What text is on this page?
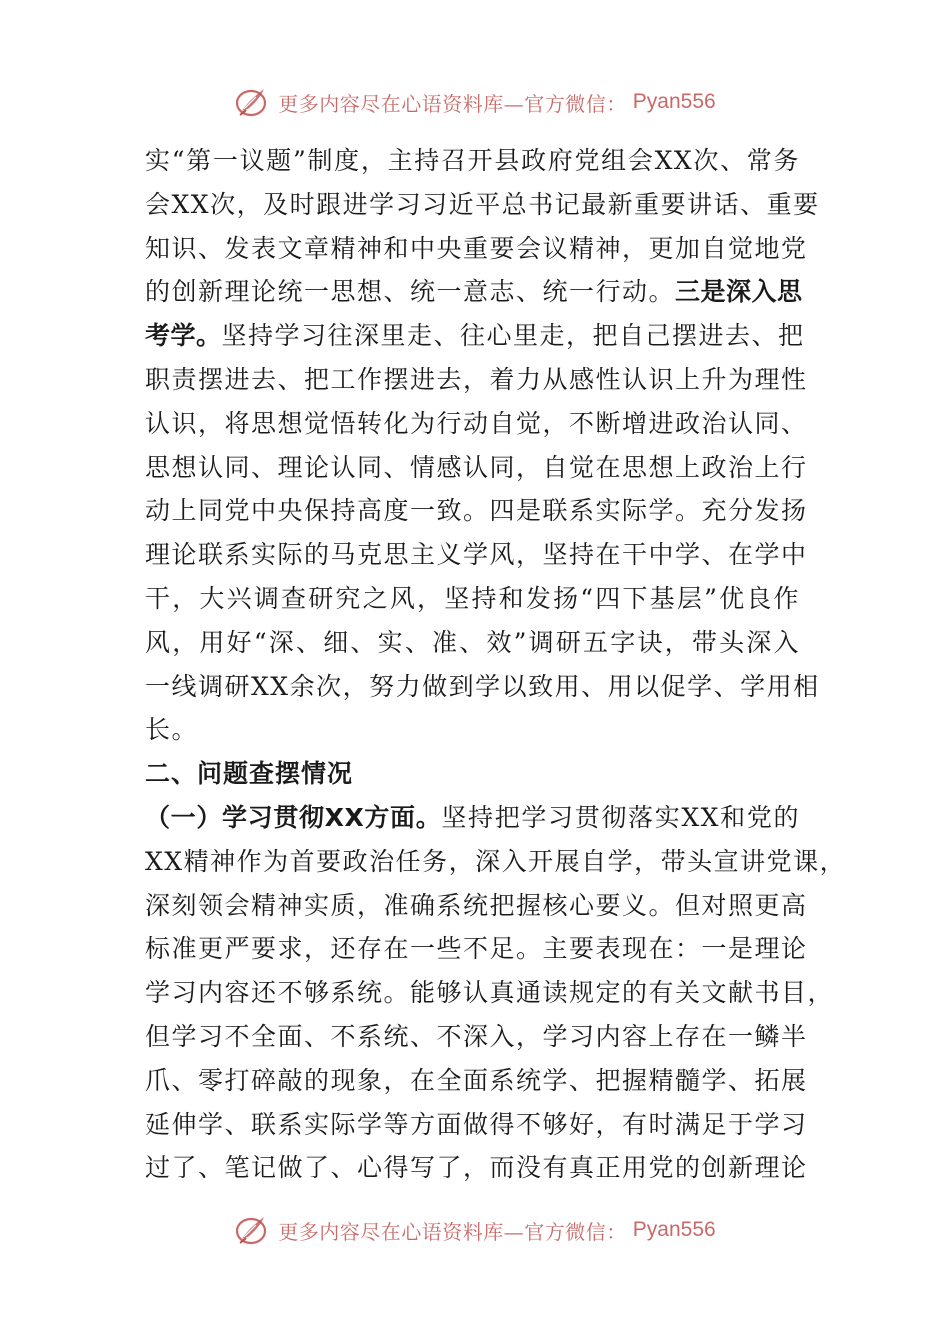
更多内容尽在心语资料库—官方微信： Pyan556
实“第一议题”制度，主持召开县政府党组会XX次、常务
会XX次，及时跟进学习习近平总书记最新重要讲话、重要
知识、发表文章精神和中央重要会议精神，更加自觉地党
的创新理论统一思想、统一意志、统一行动。三是深入思
考学。坚持学习往深里走、往心里走，把自己摆进去、把
职责摆进去、把工作摆进去，着力从感性认识上升为理性
认识，将思想觉悟转化为行动自觉，不断增进政治认同、
思想认同、理论认同、情感认同，自觉在思想上政治上行
动上同党中央保持高度一致。四是联系实际学。充分发扬
理论联系实际的马克思主义学风，坚持在干中学、在学中
干，大兴调查研究之风，坚持和发扬“四下基层”优良作
风，用好“深、细、实、准、效”调研五字诀，带头深入
一线调研XX余次，努力做到学以致用、用以促学、学用相
长。
二、问题查摆情况
（一）学习贯彻XX方面。坚持把学习贯彻落实XX和党的
XX精神作为首要政治任务，深入开展自学，带头宣讲党课，
深刻领会精神实质，准确系统把握核心要义。但对照更高
标准更严要求，还存在一些不足。主要表现在：一是理论
学习内容还不够系统。能够认真通读规定的有关文献书目，
但学习不全面、不系统、不深入，学习内容上存在一鳞半
爪、零打碎敲的现象，在全面系统学、把握精髓学、拓展
延伸学、联系实际学等方面做得不够好，有时满足于学习
过了、笔记做了、心得写了，而没有真正用党的创新理论
更多内容尽在心语资料库—官方微信： Pyan556
